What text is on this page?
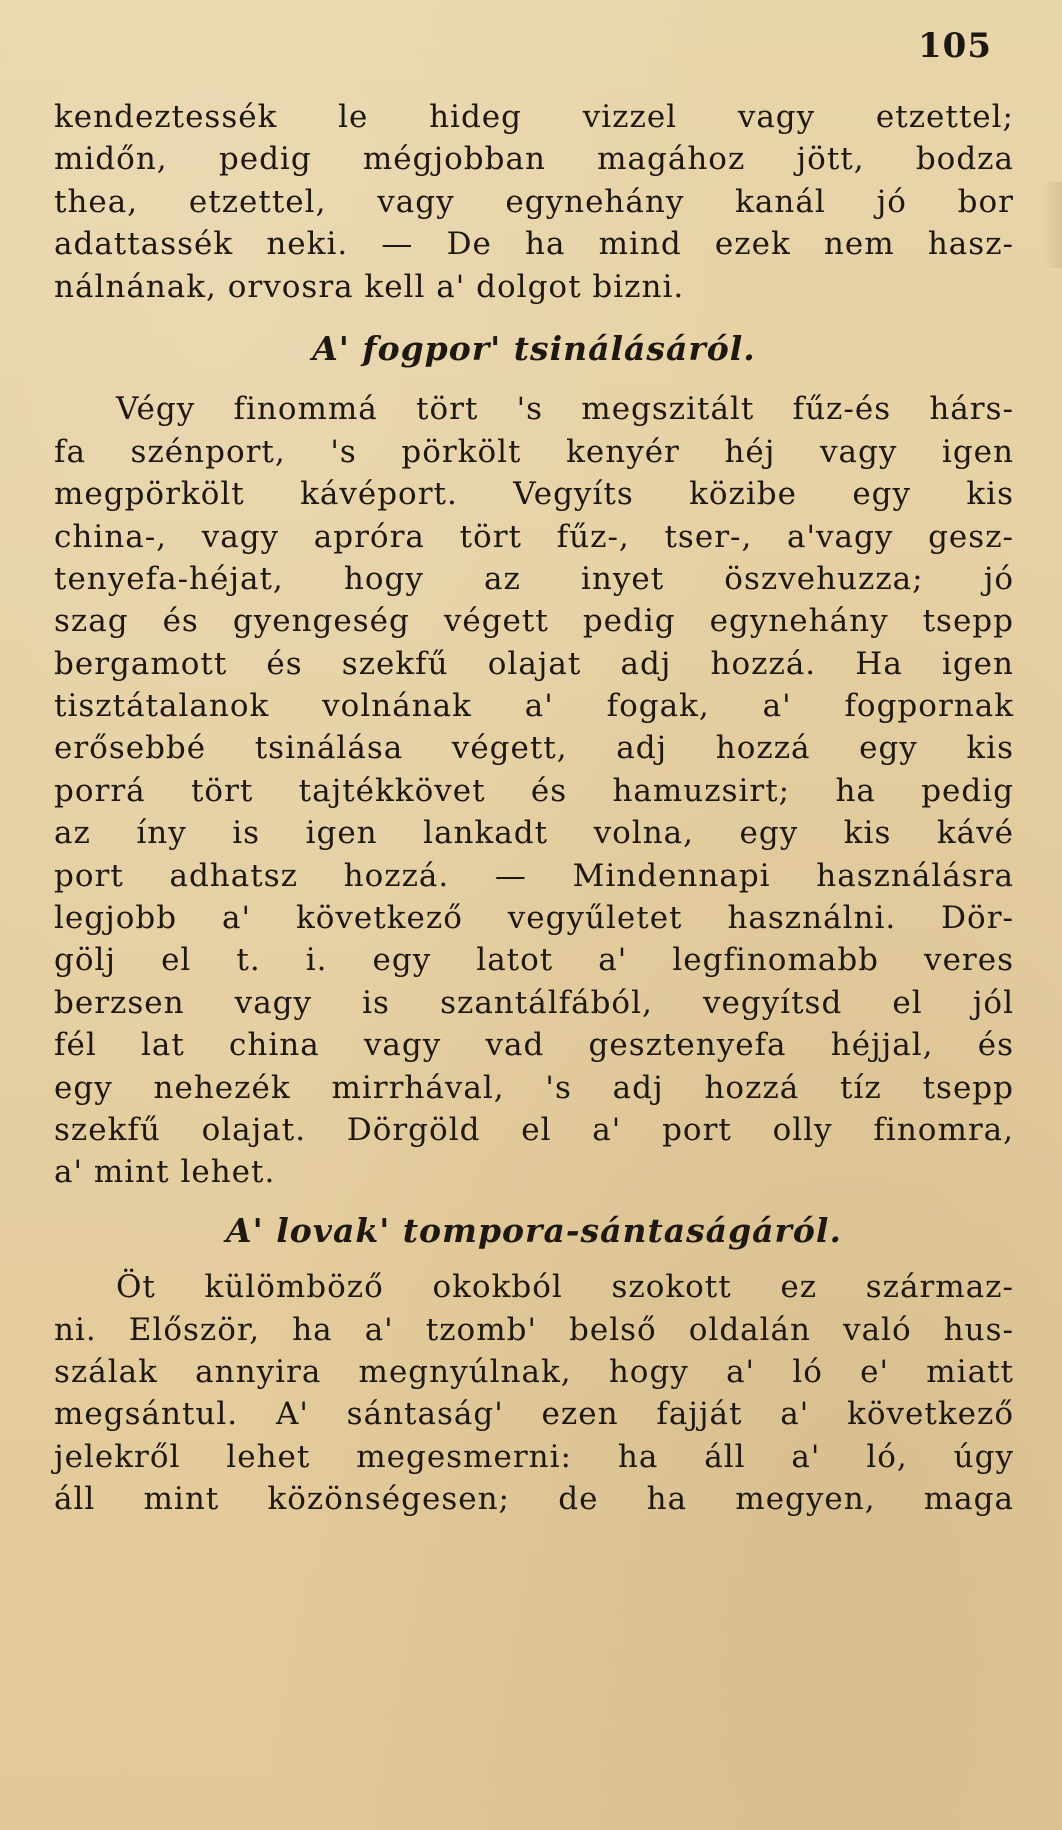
105
kendeztessék le hideg vizzel vagy etzettel;
midőn, pedig mégjobban magához jött, bodza
thea, etzettel, vagy egynehány kanál jó bor
adattassék neki. — De ha mind ezek nem hasz-
nálnának, orvosra kell a' dolgot bizni.
A' fogpor' tsinálásáról.
Végy finommá tört 's megszitált fűz-és hárs-
fa szénport, 's pörkölt kenyér héj vagy igen
megpörkölt kávéport. Vegyíts közibe egy kis
china-, vagy apróra tört fűz-, tser-, a'vagy gesz-
tenyefa-héjat, hogy az inyet öszvehuzza; jó
szag és gyengeség végett pedig egynehány tsepp
bergamott és szekfű olajat adj hozzá. Ha igen
tisztátalanok volnának a' fogak, a' fogpornak
erősebbé tsinálása végett, adj hozzá egy kis
porrá tört tajtékkövet és hamuzsirt; ha pedig
az íny is igen lankadt volna, egy kis kávé
port adhatsz hozzá. — Mindennapi használásra
legjobb a' következő vegyűletet használni. Dör-
gölj el t. i. egy latot a' legfinomabb veres
berzsen vagy is szantálfából, vegyítsd el jól
fél lat china vagy vad gesztenyefa héjjal, és
egy nehezék mirrhával, 's adj hozzá tíz tsepp
szekfű olajat. Dörgöld el a' port olly finomra,
a' mint lehet.
A' lovak' tompora-sántaságáról.
Öt külömböző okokból szokott ez származ-
ni. Először, ha a' tzomb' belső oldalán való hus-
szálak annyira megnyúlnak, hogy a' ló e' miatt
megsántul. A' sántaság' ezen fajját a' következő
jelekről lehet megesmerni: ha áll a' ló, úgy
áll mint közönségesen; de ha megyen, maga
